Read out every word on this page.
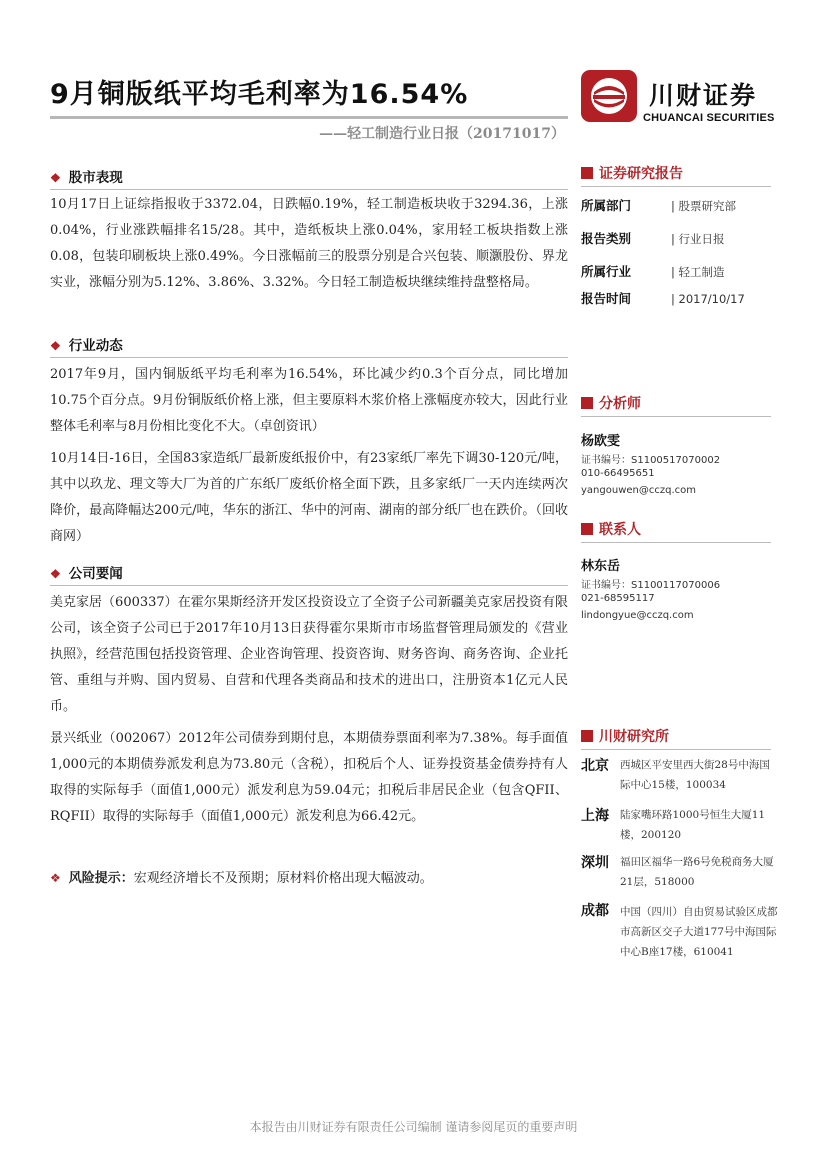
9月铜版纸平均毛利率为16.54%
——轻工制造行业日报（20171017）
川财证券
CHUANCAI SECURITIES
❖ 股市表现

10月17日上证综指报收于3372.04，日跌幅0.19%，轻工制造板块收于3294.36，上涨0.04%，行业涨跌幅排名15/28。其中，造纸板块上涨0.04%，家用轻工板块指数上涨0.08，包装印刷板块上涨0.49%。今日涨幅前三的股票分别是合兴包装、顺灏股份、界龙实业，涨幅分别为5.12%、3.86%、3.32%。今日轻工制造板块继续维持盘整格局。

❖ 行业动态

2017年9月，国内铜版纸平均毛利率为16.54%，环比减少约0.3个百分点，同比增加10.75个百分点。9月份铜版纸价格上涨，但主要原料木浆价格上涨幅度亦较大，因此行业整体毛利率与8月份相比变化不大。（卓创资讯）

10月14日-16日，全国83家造纸厂最新废纸报价中，有23家纸厂率先下调30-120元/吨，其中以玖龙、理文等大厂为首的广东纸厂废纸价格全面下跌，且多家纸厂一天内连续两次降价，最高降幅达200元/吨，华东的浙江、华中的河南、湖南的部分纸厂也在跌价。（回收商网）

❖ 公司要闻

美克家居（600337）在霍尔果斯经济开发区投资设立了全资子公司新疆美克家居投资有限公司，该全资子公司已于2017年10月13日获得霍尔果斯市市场监督管理局颁发的《营业执照》，经营范围包括投资管理、企业咨询管理、投资咨询、财务咨询、商务咨询、企业托管、重组与并购、国内贸易、自营和代理各类商品和技术的进出口，注册资本1亿元人民币。

景兴纸业（002067）2012年公司债券到期付息，本期债券票面利率为7.38%。每手面值1,000元的本期债券派发利息为73.80元（含税），扣税后个人、证券投资基金债券持有人取得的实际每手（面值1,000元）派发利息为59.04元；扣税后非居民企业（包含QFII、RQFII）取得的实际每手（面值1,000元）派发利息为66.42元。

❖ 风险提示：宏观经济增长不及预期；原材料价格出现大幅波动。
证券研究报告
所属部门	| 股票研究部
报告类别	| 行业日报
所属行业	| 轻工制造
报告时间	| 2017/10/17
分析师
杨欧雯
证书编号：S1100517070002
010-66495651
yangouwen@cczq.com
联系人
林东岳
证书编号：S1100117070006
021-68595117
lindongyue@cczq.com
川财研究所
北京 西城区平安里西大街28号中海国际中心15楼，100034
上海 陆家嘴环路1000号恒生大厦11楼，200120
深圳 福田区福华一路6号免税商务大厦21层，518000
成都 中国（四川）自由贸易试验区成都市高新区交子大道177号中海国际中心B座17楼，610041
本报告由川财证券有限责任公司编制 谨请参阅尾页的重要声明
